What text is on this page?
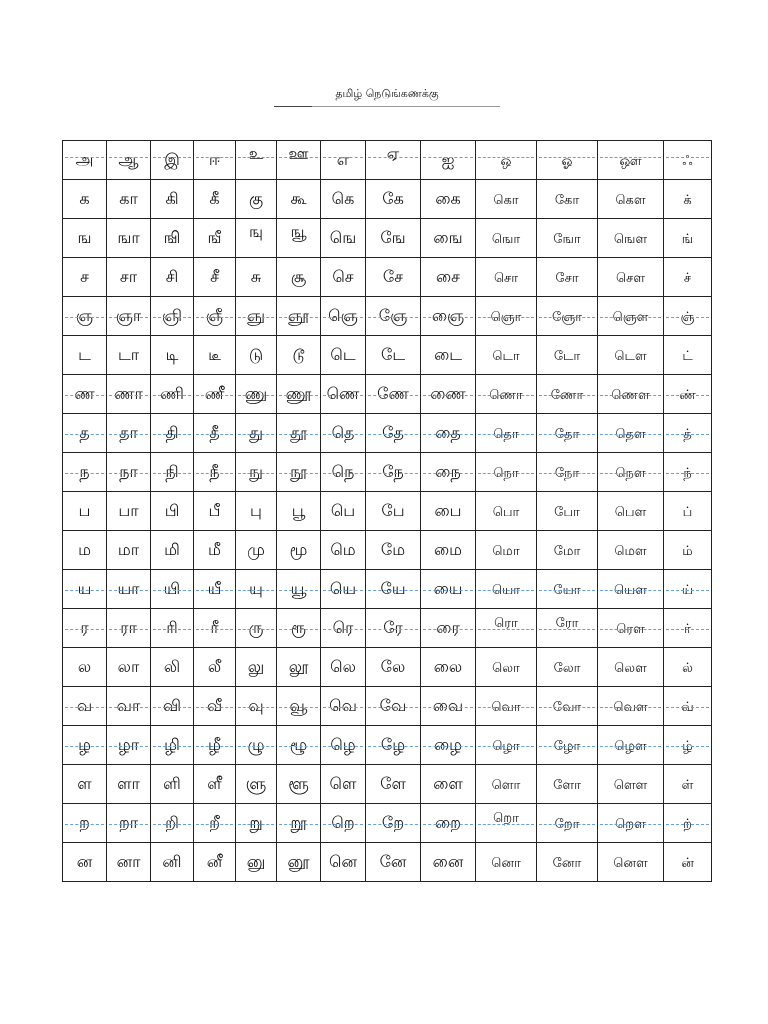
தமிழ் நெடுங்கணக்கு
அ	ஆ	இ	ஈ	உ	ஊ	எ	ஏ	ஐ	ஒ	ஓ	ஔ	ஃ

க	கா	கி	கீ	கு	கூ	கெ	கே	கை	கொ	கோ	கௌ	க்
ங	ஙா	ஙி	ஙீ	ஙு	ஙூ	ஙெ	ஙே	ஙை	ஙொ	ஙோ	ஙௌ	ங்
ச	சா	சி	சீ	சு	சூ	செ	சே	சை	சொ	சோ	சௌ	ச்
ஞ	ஞா	ஞி	ஞீ	ஞு	ஞூ	ஞெ	ஞே	ஞை	ஞொ	ஞோ	ஞௌ	ஞ்

ட	டா	டி	டீ	டு	டூ	டெ	டே	டை	டொ	டோ	டௌ	ட்
ண	ணா	ணி	ணீ	ணு	ணூ	ணெ	ணே	ணை	ணொ	ணோ	ணௌ	ண்

த	தா	தி	தீ	து	தூ	தெ	தே	தை	தொ	தோ	தௌ	த்

ந	நா	நி	நீ	நு	நூ	நெ	நே	நை	நொ	நோ	நௌ	ந்

ப	பா	பி	பீ	பு	பூ	பெ	பே	பை	பொ	போ	பௌ	ப்
ம	மா	மி	மீ	மு	மூ	மெ	மே	மை	மொ	மோ	மௌ	ம்
ய	யா	யி	யீ	யு	யூ	யெ	யே	யை	யொ	யோ	யௌ	ய்

ர	ரா	ரி	ரீ	ரு	ரூ	ரெ	ரே	ரை	ரொ	ரோ	ரௌ	ர்

ல	லா	லி	லீ	லு	லூ	லெ	லே	லை	லொ	லோ	லௌ	ல்
வ	வா	வி	வீ	வு	வூ	வெ	வே	வை	வொ	வோ	வௌ	வ்

ழ	ழா	ழி	ழீ	ழு	ழூ	ழெ	ழே	ழை	ழொ	ழோ	ழௌ	ழ்

ள	ளா	ளி	ளீ	ளு	ளூ	ளெ	ளே	ளை	ளொ	ளோ	ளௌ	ள்
ற	றா	றி	றீ	று	றூ	றெ	றே	றை	றொ	றோ	றௌ	ற்

ன	னா	னி	னீ	னு	னூ	னெ	னே	னை	னொ	னோ	னௌ	ன்
